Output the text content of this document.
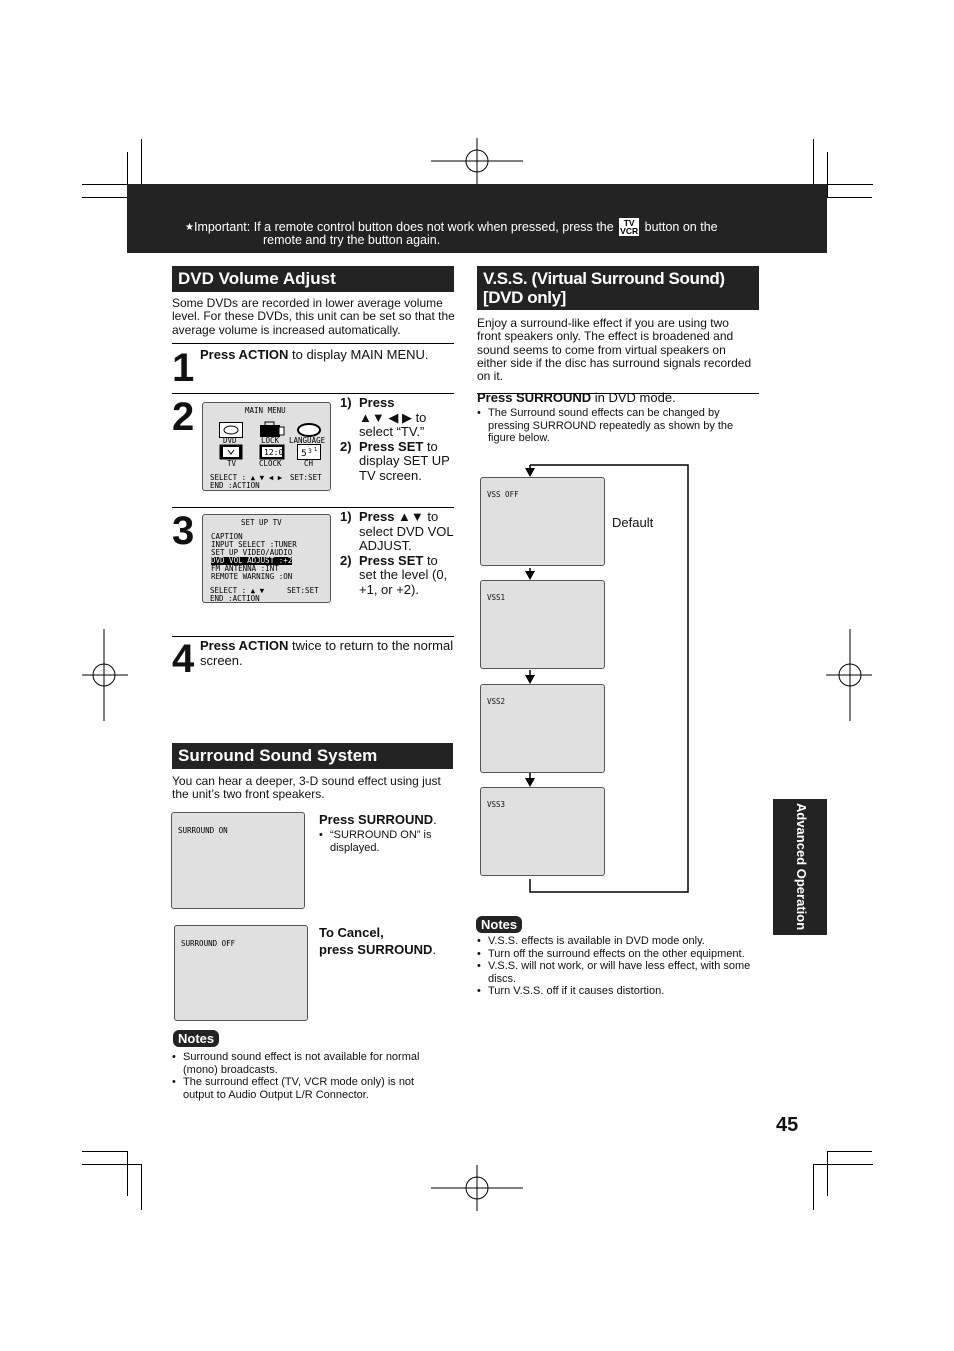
★Important: If a remote control button does not work when pressed, press the TV
VCR button on the
remote and try the button again.
DVD Volume Adjust
Some DVDs are recorded in lower average volume level. For these DVDs, this unit can be set so that the average volume is increased automatically.
1 Press ACTION to display MAIN MENU.
2	MAIN MENU
DVD	LOCK LANGUAGE
12:0 5 3 1
TV	CLOCK	CH
SELECT : ▲ ▼ ◀ ▶ SET:SET
END :ACTION
1) Press
▲▼ ◀ ▶ to select “TV.”
2) Press SET to display SET UP TV screen.
3	SET UP TV
CAPTION
INPUT SELECT :TUNER
SET UP VIDEO/AUDIO
DVD VOL ADJUST :+2
FM ANTENNA :INT
REMOTE WARNING :ON
SELECT : ▲ ▼	SET:SET
END :ACTION
1) Press ▲▼ to select DVD VOL ADJUST.
2) Press SET to set the level (0, +1, or +2).
4 Press ACTION twice to return to the normal screen.
Surround Sound System
You can hear a deeper, 3-D sound effect using just the unit’s two front speakers.
SURROUND ON
Press SURROUND.
• “SURROUND ON” is displayed.
SURROUND OFF
To Cancel,
press SURROUND.
Notes
• Surround sound effect is not available for normal (mono) broadcasts.
• The surround effect (TV, VCR mode only) is not output to Audio Output L/R Connector.
V.S.S. (Virtual Surround Sound)
[DVD only]
Enjoy a surround-like effect if you are using two front speakers only. The effect is broadened and sound seems to come from virtual speakers on either side if the disc has surround signals recorded on it.
Press SURROUND in DVD mode.
• The Surround sound effects can be changed by pressing SURROUND repeatedly as shown by the figure below.
VSS OFF
Default
VSS1
VSS2
VSS3
Notes
• V.S.S. effects is available in DVD mode only.
• Turn off the surround effects on the other equipment.
• V.S.S. will not work, or will have less effect, with some discs.
• Turn V.S.S. off if it causes distortion.
Advanced Operation
45
